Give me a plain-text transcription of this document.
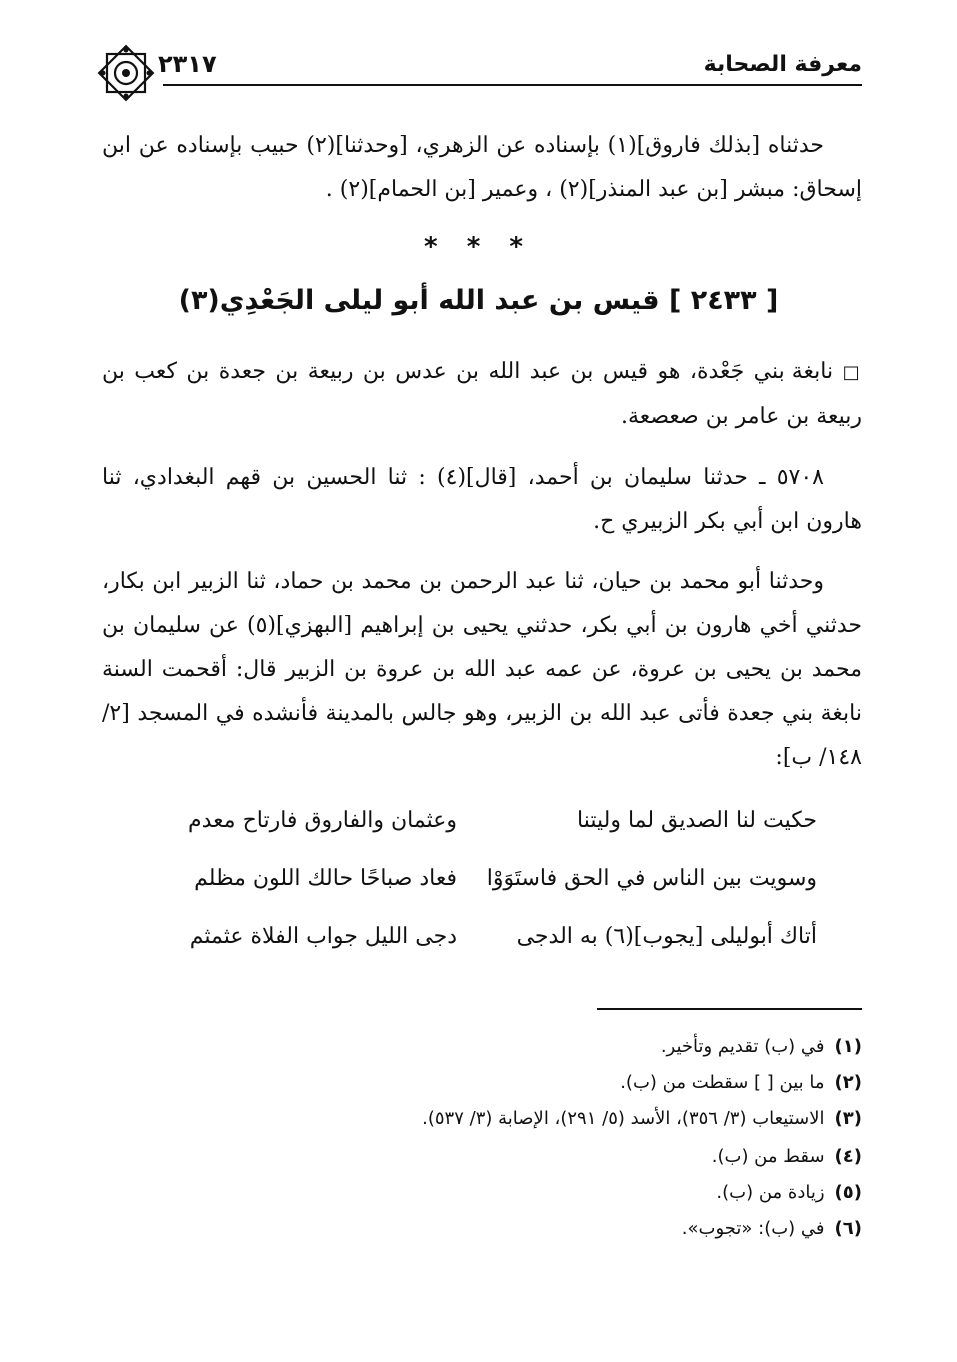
معرفة الصحابة
٢٣١٧
حدثناه [بذلك فاروق](١) بإسناده عن الزهري، [وحدثنا](٢) حبيب بإسناده عن ابن إسحاق: مبشر [بن عبد المنذر](٢) ، وعمير [بن الحمام](٢) .
* * *
[ ٢٤٣٣ ] قيس بن عبد الله أبو ليلى الجَعْدِي(٣)
□ نابغة بني جَعْدة، هو قيس بن عبد الله بن عدس بن ربيعة بن جعدة بن كعب بن ربيعة بن عامر بن صعصعة.
٥٧٠٨ ـ حدثنا سليمان بن أحمد، [قال](٤) : ثنا الحسين بن قهم البغدادي، ثنا هارون ابن أبي بكر الزبيري ح.
وحدثنا أبو محمد بن حيان، ثنا عبد الرحمن بن محمد بن حماد، ثنا الزبير ابن بكار، حدثني أخي هارون بن أبي بكر، حدثني يحيى بن إبراهيم [البهزي](٥) عن سليمان بن محمد بن يحيى بن عروة، عن عمه عبد الله بن عروة بن الزبير قال: أقحمت السنة نابغة بني جعدة فأتى عبد الله بن الزبير، وهو جالس بالمدينة فأنشده في المسجد [٢/ ١٤٨/ ب]:
حكيت لنا الصديق لما وليتنا
وعثمان والفاروق فارتاح معدم
وسويت بين الناس في الحق فاستَوَوْا
فعاد صباحًا حالك اللون مظلم
أتاك أبوليلى [يجوب](٦) به الدجى
دجى الليل جواب الفلاة عثمثم
(١)في (ب) تقديم وتأخير.
(٢)ما بين [ ] سقطت من (ب).
(٣)الاستيعاب (٣/ ٣٥٦)، الأسد (٥/ ٢٩١)، الإصابة (٣/ ٥٣٧).
(٤)سقط من (ب).
(٥)زيادة من (ب).
(٦)في (ب): «تجوب».
